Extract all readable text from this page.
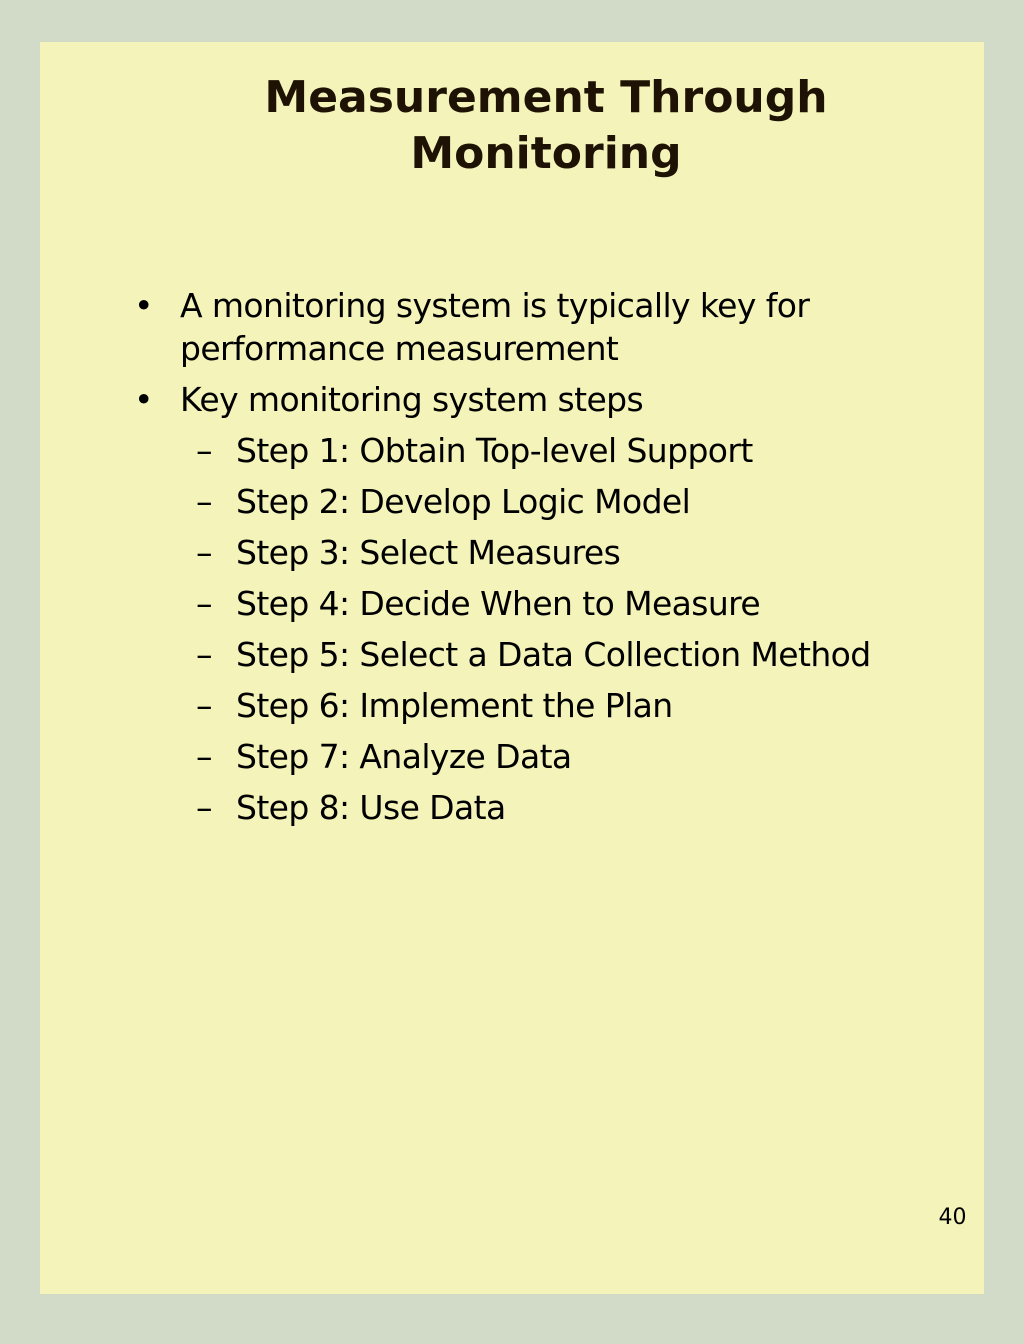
Measurement Through
Monitoring
• A monitoring system is typically key for
performance measurement
• Key monitoring system steps
– Step 1: Obtain Top-level Support
– Step 2: Develop Logic Model
– Step 3: Select Measures
– Step 4: Decide When to Measure
– Step 5: Select a Data Collection Method
– Step 6: Implement the Plan
– Step 7: Analyze Data
– Step 8: Use Data
40
